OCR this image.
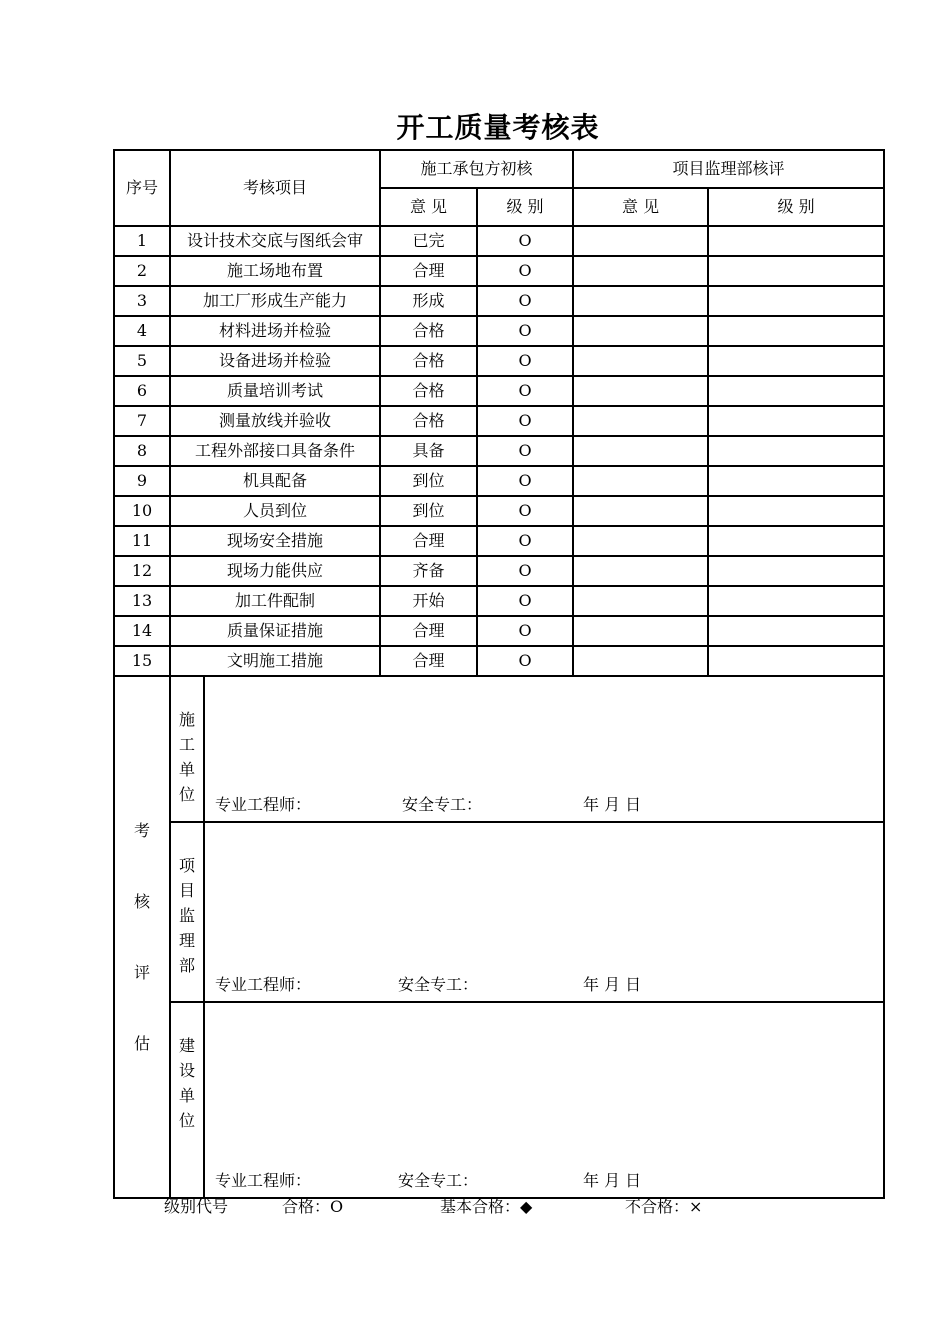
开工质量考核表
序号	考核项目		施工承包方初核		项目监理部核评	
			意 见	级 别	意 见	级 别
1	设计技术交底与图纸会审		已完	O		
2	施工场地布置		合理	O		
3	加工厂形成生产能力		形成	O		
4	材料进场并检验		合格	O		
5	设备进场并检验		合格	O		
6	质量培训考试		合格	O		
7	测量放线并验收		合格	O		
8	工程外部接口具备条件		具备	O		
9	机具配备		到位	O		
10	人员到位		到位	O		
11	现场安全措施		合理	O		
12	现场力能供应		齐备	O		
13	加工件配制		开始	O		
14	质量保证措施		合理	O		
15	文明施工措施		合理	O		

考
核
评
估	施工单位	专业工程师： 安全专工： 年 月 日				

	项目监理部	专业工程师： 安全专工： 年 月 日				

	建设单位	专业工程师： 安全专工： 年 月 日				
级别代号	合格：O	基本合格：◆	不合格：×
